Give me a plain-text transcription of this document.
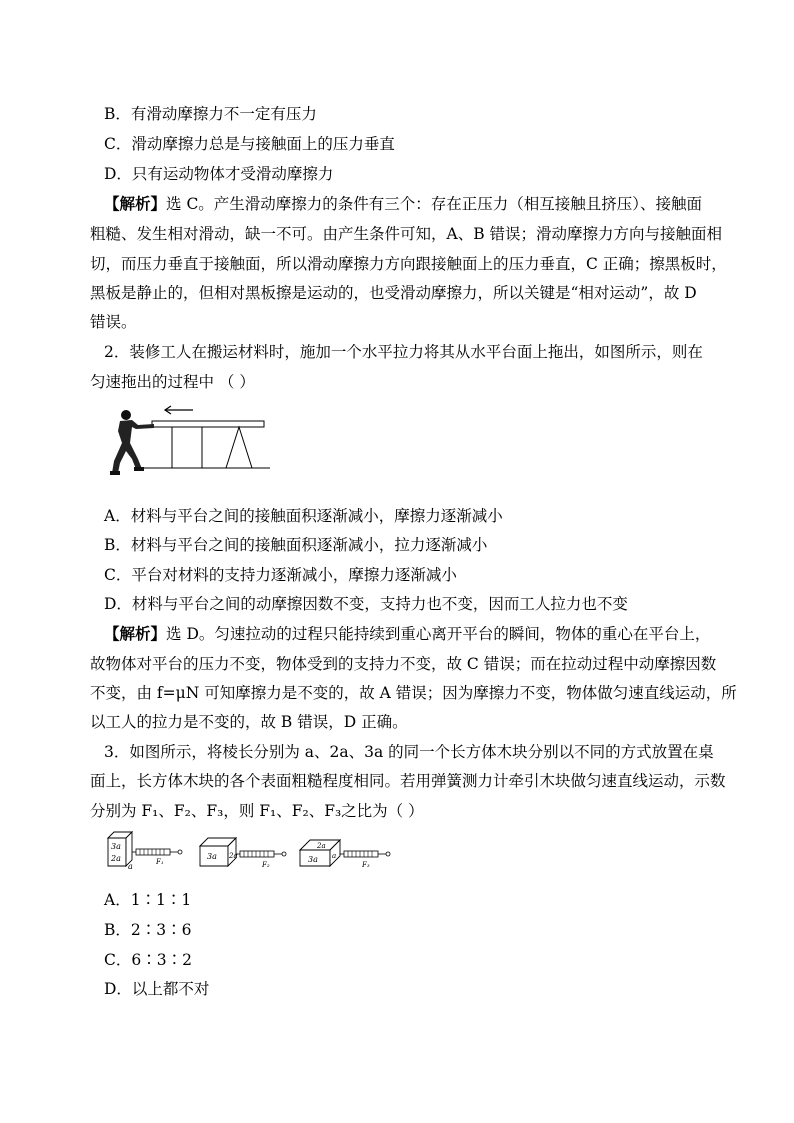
B．有滑动摩擦力不一定有压力
C．滑动摩擦力总是与接触面上的压力垂直
D．只有运动物体才受滑动摩擦力
【解析】选 C。产生滑动摩擦力的条件有三个：存在正压力（相互接触且挤压）、接触面
粗糙、发生相对滑动，缺一不可。由产生条件可知，A、B 错误；滑动摩擦力方向与接触面相
切，而压力垂直于接触面，所以滑动摩擦力方向跟接触面上的压力垂直，C 正确；擦黑板时，
黑板是静止的，但相对黑板擦是运动的，也受滑动摩擦力，所以关键是“相对运动”，故 D
错误。
2．装修工人在搬运材料时，施加一个水平拉力将其从水平台面上拖出，如图所示，则在
匀速拖出的过程中 （ ）
A．材料与平台之间的接触面积逐渐减小，摩擦力逐渐减小
B．材料与平台之间的接触面积逐渐减小，拉力逐渐减小
C．平台对材料的支持力逐渐减小，摩擦力逐渐减小
D．材料与平台之间的动摩擦因数不变，支持力也不变，因而工人拉力也不变
【解析】选 D。匀速拉动的过程只能持续到重心离开平台的瞬间，物体的重心在平台上，
故物体对平台的压力不变，物体受到的支持力不变，故 C 错误；而在拉动过程中动摩擦因数
不变，由 f=μN 可知摩擦力是不变的，故 A 错误；因为摩擦力不变，物体做匀速直线运动，所
以工人的拉力是不变的，故 B 错误，D 正确。
3．如图所示，将棱长分别为 a、2a、3a 的同一个长方体木块分别以不同的方式放置在桌
面上，长方体木块的各个表面粗糙程度相同。若用弹簧测力计牵引木块做匀速直线运动，示数
分别为 F₁、F₂、F₃，则 F₁、F₂、F₃之比为（ ）
3a
2a
a	F₁
3a 2a
F₂
2a
3a a
F₃
A．1∶1∶1
B．2∶3∶6
C．6∶3∶2
D．以上都不对
